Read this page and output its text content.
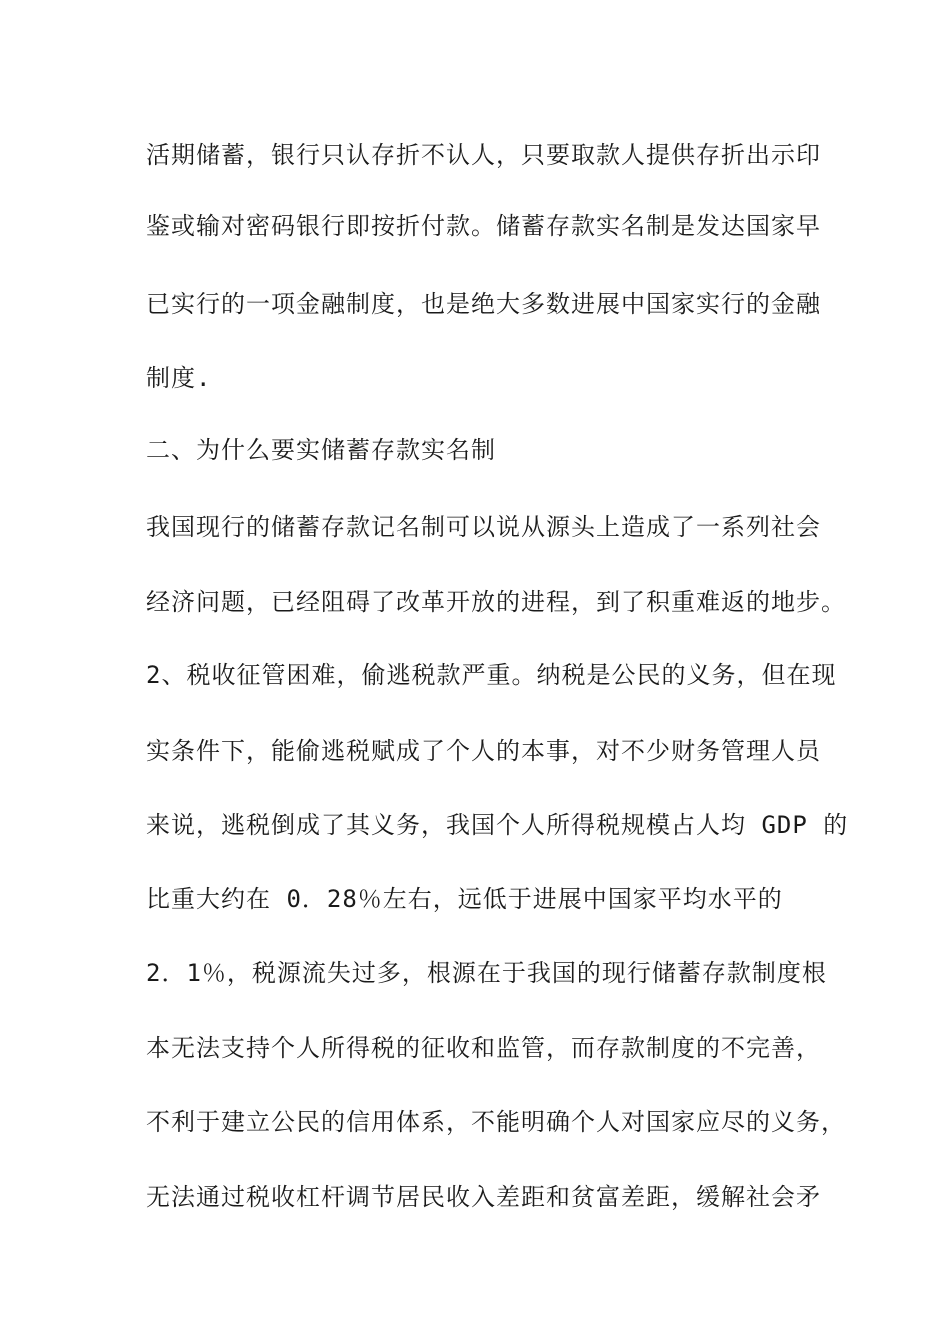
活期储蓄，银行只认存折不认人，只要取款人提供存折出示印
鉴或输对密码银行即按折付款。储蓄存款实名制是发达国家早
已实行的一项金融制度，也是绝大多数进展中国家实行的金融
制度.
二、为什么要实储蓄存款实名制
我国现行的储蓄存款记名制可以说从源头上造成了一系列社会
经济问题，已经阻碍了改革开放的进程，到了积重难返的地步。
2、税收征管困难，偷逃税款严重。纳税是公民的义务，但在现
实条件下，能偷逃税赋成了个人的本事，对不少财务管理人员
来说，逃税倒成了其义务，我国个人所得税规模占人均 GDP 的
比重大约在 0．28％左右，远低于进展中国家平均水平的
2．1％，税源流失过多，根源在于我国的现行储蓄存款制度根
本无法支持个人所得税的征收和监管，而存款制度的不完善，
不利于建立公民的信用体系，不能明确个人对国家应尽的义务，
无法通过税收杠杆调节居民收入差距和贫富差距，缓解社会矛
